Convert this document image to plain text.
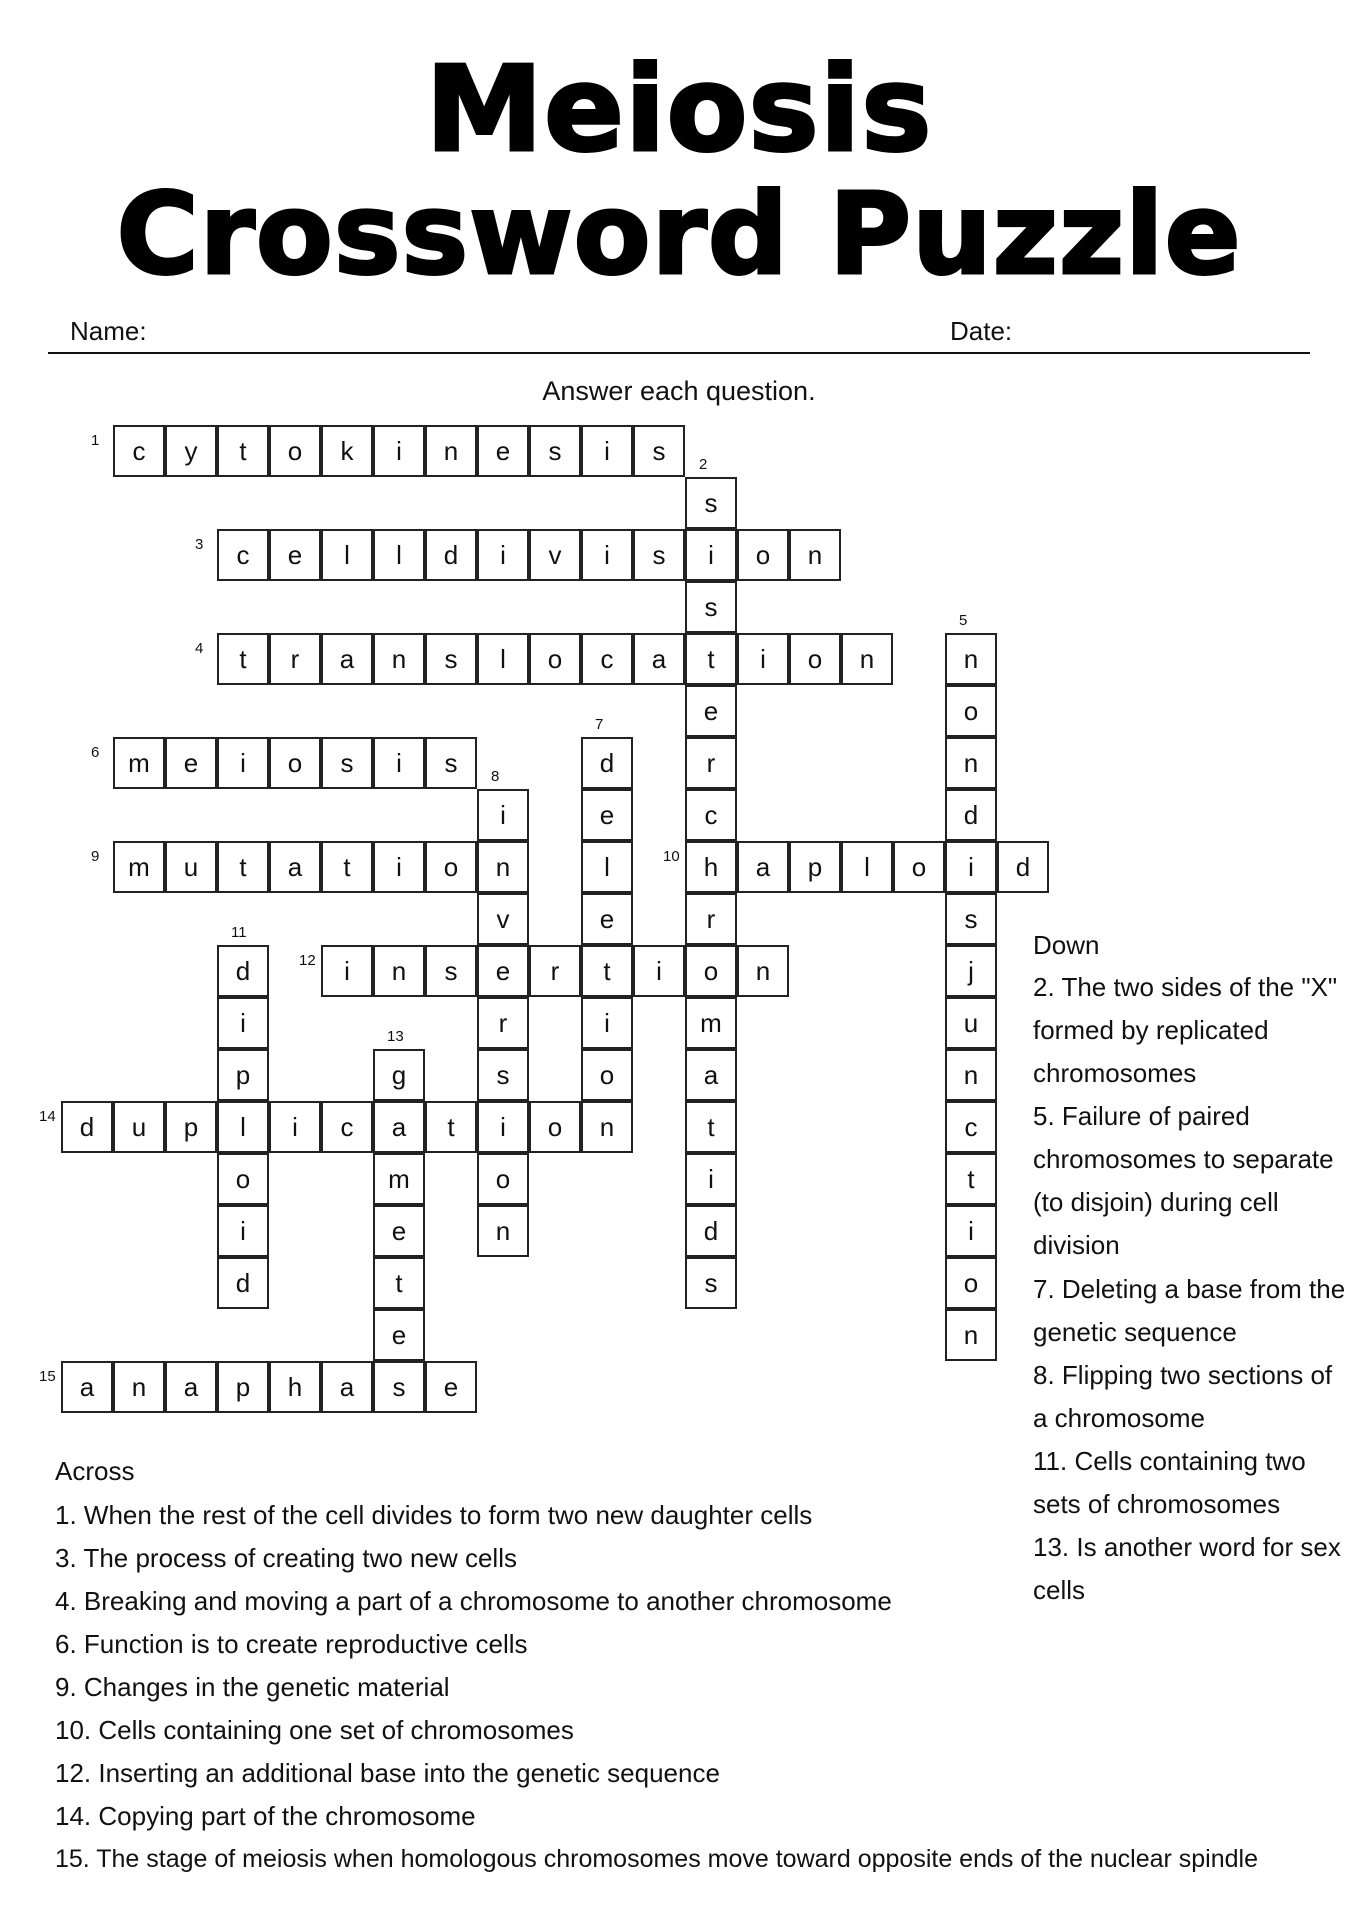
Meiosis
Crossword Puzzle
Name:	Date:
Answer each question.
c	y	t	o	k	i	n	e	s	i	s
1
s
i
s
t
e
r
c
h
r
o
m
a
t
i
d
s
2
c	e	l	l	d	i	v	i	s	o	n
3
t	r	a	n	s	l	o	c	a	i	o	n
4	n
o
n
d
i
s
j
u
n
c
t
i
o
n
5
m	e	i	o	s	i	s
6	d
e
l
e
t
i
o
n
7
i
n
v
e
r
s
i
o
n
8
m	u	t	a	t	i	o
9	a	p	l	o	d
10
d
i
p
l
o
i
d
11
i	n	s	r	i	n
12
g
a
m
e
t
e
13
d	u	p	i	c	t	o
14
a	n	a	p	h	a	s	e
15
Across
1. When the rest of the cell divides to form two new daughter cells
3. The process of creating two new cells
4. Breaking and moving a part of a chromosome to another chromosome
6. Function is to create reproductive cells
9. Changes in the genetic material
10. Cells containing one set of chromosomes
12. Inserting an additional base into the genetic sequence
14. Copying part of the chromosome
15. The stage of meiosis when homologous chromosomes move toward opposite ends of the nuclear spindle
Down
2. The two sides of the "X" formed by replicated chromosomes
5. Failure of paired chromosomes to separate (to disjoin) during cell division
7. Deleting a base from the genetic sequence
8. Flipping two sections of a chromosome
11. Cells containing two sets of chromosomes
13. Is another word for sex cells
